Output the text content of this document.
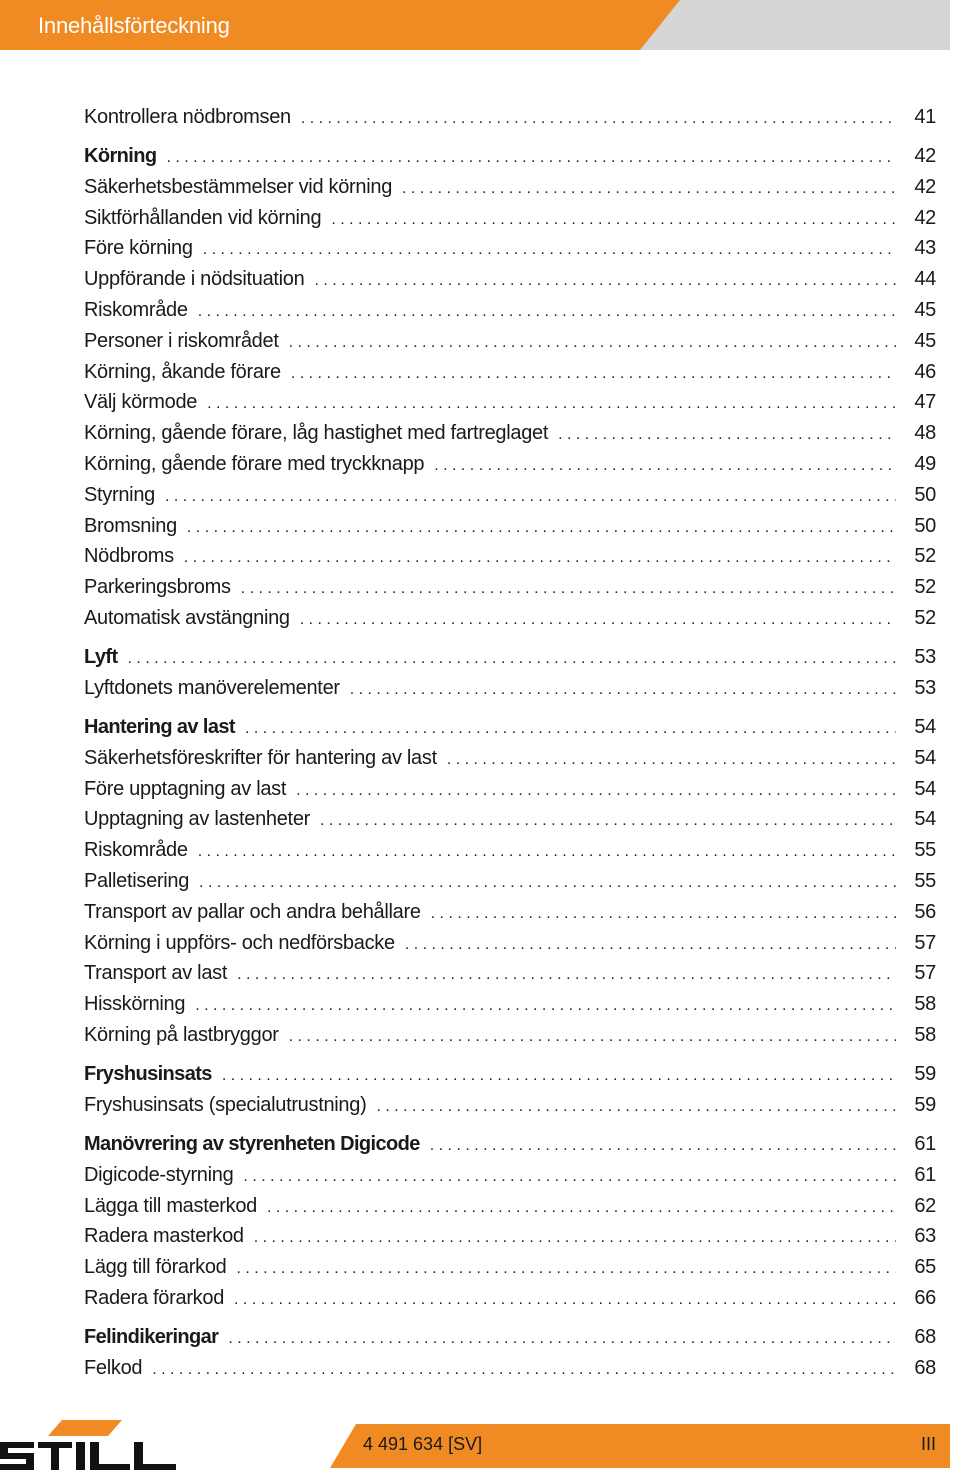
Innehållsförteckning
Kontrollera nödbromsen . . .	41
Körning . . .	42
Säkerhetsbestämmelser vid körning . . .	42
Siktförhållanden vid körning . . .	42
Före körning . . .	43
Uppförande i nödsituation . . .	44
Riskområde . . .	45
Personer i riskområdet . . .	45
Körning, åkande förare . . .	46
Välj körmode . . .	47
Körning, gående förare, låg hastighet med fartreglaget . . .	48
Körning, gående förare med tryckknapp . . .	49
Styrning . . .	50
Bromsning . . .	50
Nödbroms . . .	52
Parkeringsbroms . . .	52
Automatisk avstängning . . .	52
Lyft . . .	53
Lyftdonets manöverelementer . . .	53
Hantering av last . . .	54
Säkerhetsföreskrifter för hantering av last . . .	54
Före upptagning av last . . .	54
Upptagning av lastenheter . . .	54
Riskområde . . .	55
Palletisering . . .	55
Transport av pallar och andra behållare . . .	56
Körning i uppförs- och nedförsbacke . . .	57
Transport av last . . .	57
Hisskörning . . .	58
Körning på lastbryggor . . .	58
Fryshusinsats . . .	59
Fryshusinsats (specialutrustning) . . .	59
Manövrering av styrenheten Digicode . . .	61
Digicode-styrning . . .	61
Lägga till masterkod . . .	62
Radera masterkod . . .	63
Lägg till förarkod . . .	65
Radera förarkod . . .	66
Felindikeringar . . .	68
Felkod . . .	68
4 491 634 [SV]	III
